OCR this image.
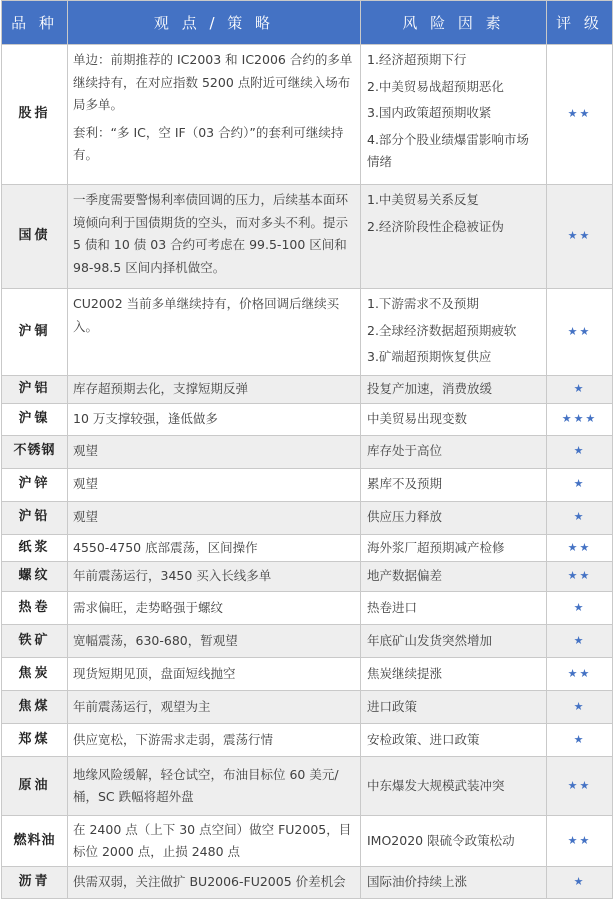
品 种	观 点 / 策 略	风 险 因 素	评 级
股指	单边：前期推荐的 IC2003 和 IC2006 合约的多单继续持有，在对应指数 5200 点附近可继续入场布局多单。
套利：“多 IC，空 IF（03 合约）”的套利可继续持有。	1.经济超预期下行
2.中美贸易战超预期恶化
3.国内政策超预期收紧
4.部分个股业绩爆雷影响市场情绪	★★
国债	一季度需要警惕利率债回调的压力，后续基本面环境倾向利于国债期货的空头，而对多头不利。提示 5 债和 10 债 03 合约可考虑在 99.5-100 区间和 98-98.5 区间内择机做空。	1.中美贸易关系反复
2.经济阶段性企稳被证伪	★★
沪铜	CU2002 当前多单继续持有，价格回调后继续买入。	1.下游需求不及预期
2.全球经济数据超预期疲软
3.矿端超预期恢复供应	★★
沪铝	库存超预期去化，支撑短期反弹	投复产加速，消费放缓	★
沪镍	10 万支撑较强，逢低做多	中美贸易出现变数	★★★
不锈钢	观望	库存处于高位	★
沪锌	观望	累库不及预期	★
沪铅	观望	供应压力释放	★
纸浆	4550-4750 底部震荡，区间操作	海外浆厂超预期减产检修	★★
螺纹	年前震荡运行，3450 买入长线多单	地产数据偏差	★★
热卷	需求偏旺，走势略强于螺纹	热卷进口	★
铁矿	宽幅震荡，630-680，暂观望	年底矿山发货突然增加	★
焦炭	现货短期见顶，盘面短线抛空	焦炭继续提涨	★★
焦煤	年前震荡运行，观望为主	进口政策	★
郑煤	供应宽松，下游需求走弱，震荡行情	安检政策、进口政策	★
原油	地缘风险缓解，轻仓试空，布油目标位 60 美元/桶，SC 跌幅将超外盘	中东爆发大规模武装冲突	★★
燃料油	在 2400 点（上下 30 点空间）做空 FU2005，目标位 2000 点，止损 2480 点	IMO2020 限硫令政策松动	★★
沥青	供需双弱，关注做扩 BU2006-FU2005 价差机会	国际油价持续上涨	★
